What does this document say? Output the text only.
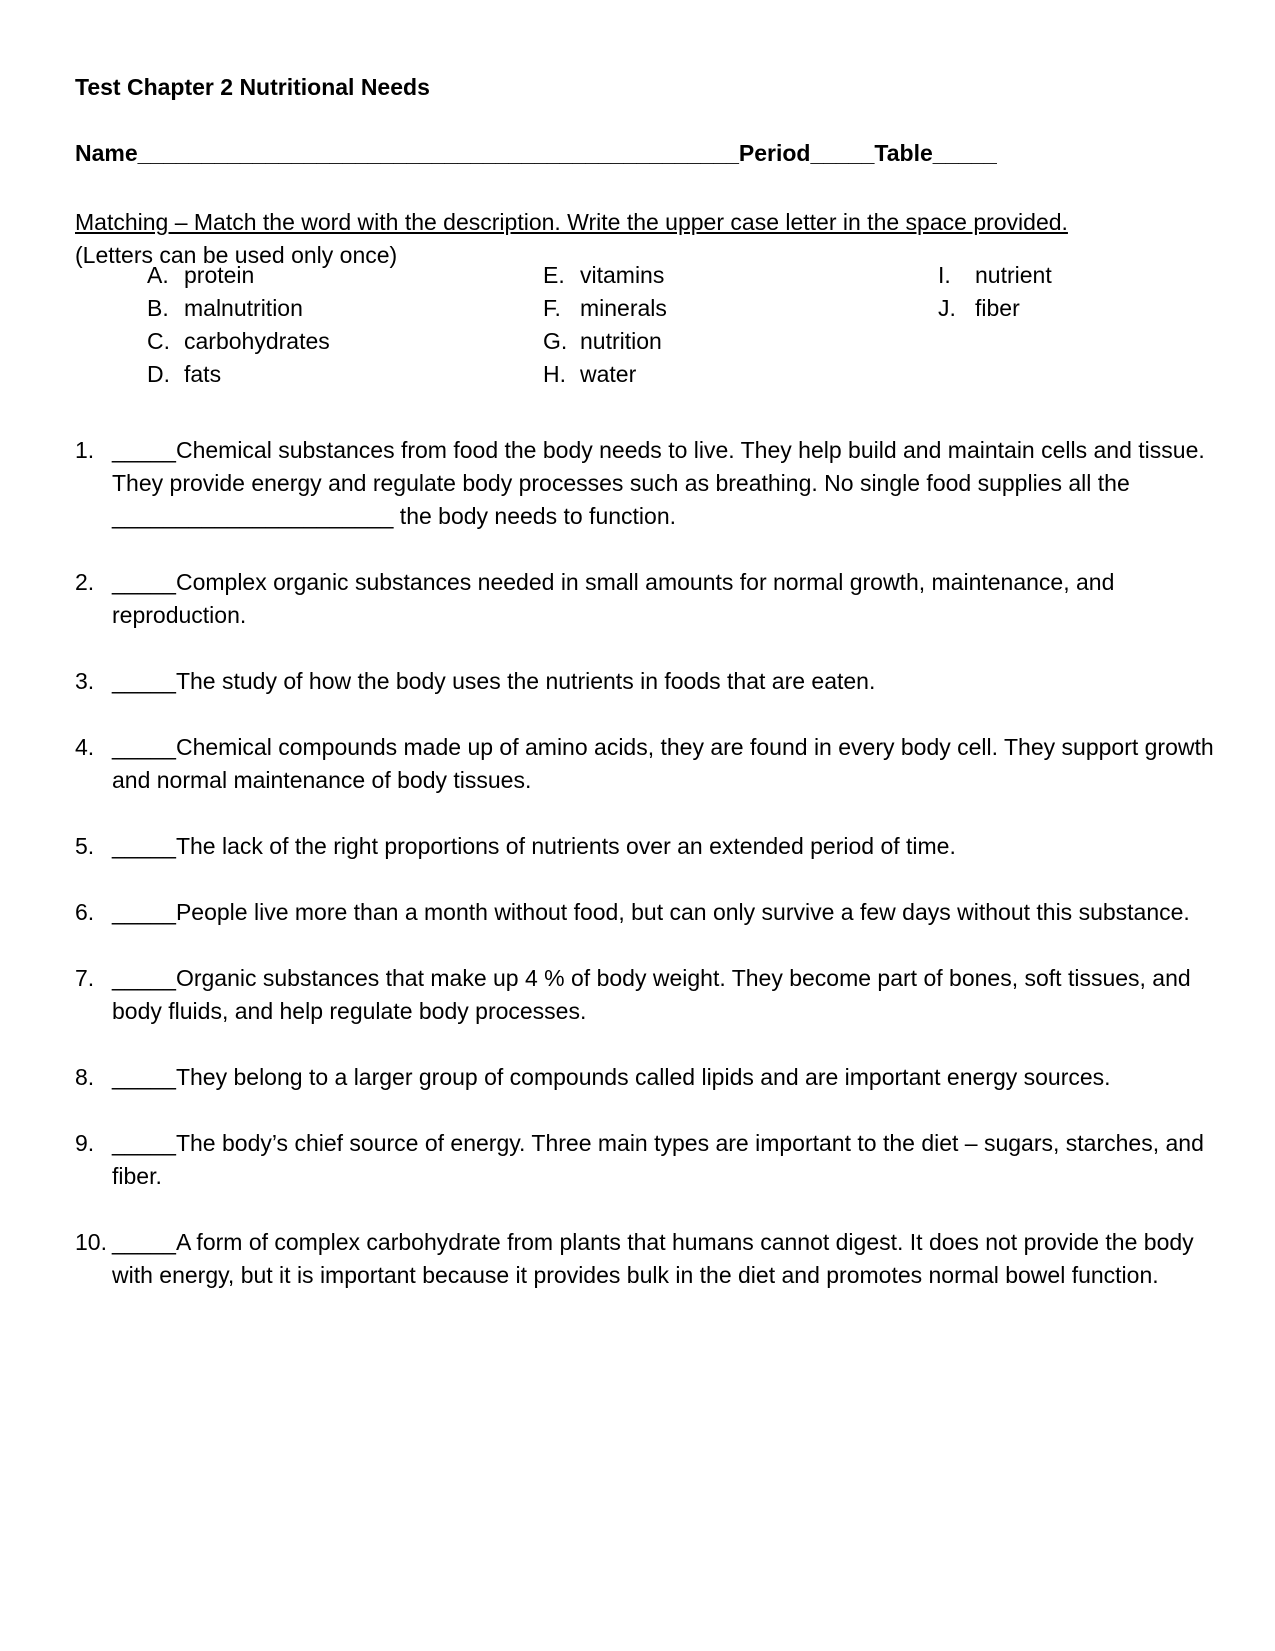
Test Chapter 2 Nutritional Needs
Name_______________________________________________Period_____Table_____
Matching – Match the word with the description. Write the upper case letter in the space provided.
(Letters can be used only once)
A. protein
B. malnutrition
C. carbohydrates
D. fats
E. vitamins
F. minerals
G. nutrition
H. water
I. nutrient
J. fiber
1. _____Chemical substances from food the body needs to live. They help build and maintain cells and tissue. They provide energy and regulate body processes such as breathing. No single food supplies all the ______________________ the body needs to function.
2. _____Complex organic substances needed in small amounts for normal growth, maintenance, and reproduction.
3. _____The study of how the body uses the nutrients in foods that are eaten.
4. _____Chemical compounds made up of amino acids, they are found in every body cell. They support growth and normal maintenance of body tissues.
5. _____The lack of the right proportions of nutrients over an extended period of time.
6. _____People live more than a month without food, but can only survive a few days without this substance.
7. _____Organic substances that make up 4 % of body weight. They become part of bones, soft tissues, and body fluids, and help regulate body processes.
8. _____They belong to a larger group of compounds called lipids and are important energy sources.
9. _____The body’s chief source of energy. Three main types are important to the diet – sugars, starches, and fiber.
10. _____A form of complex carbohydrate from plants that humans cannot digest. It does not provide the body with energy, but it is important because it provides bulk in the diet and promotes normal bowel function.
